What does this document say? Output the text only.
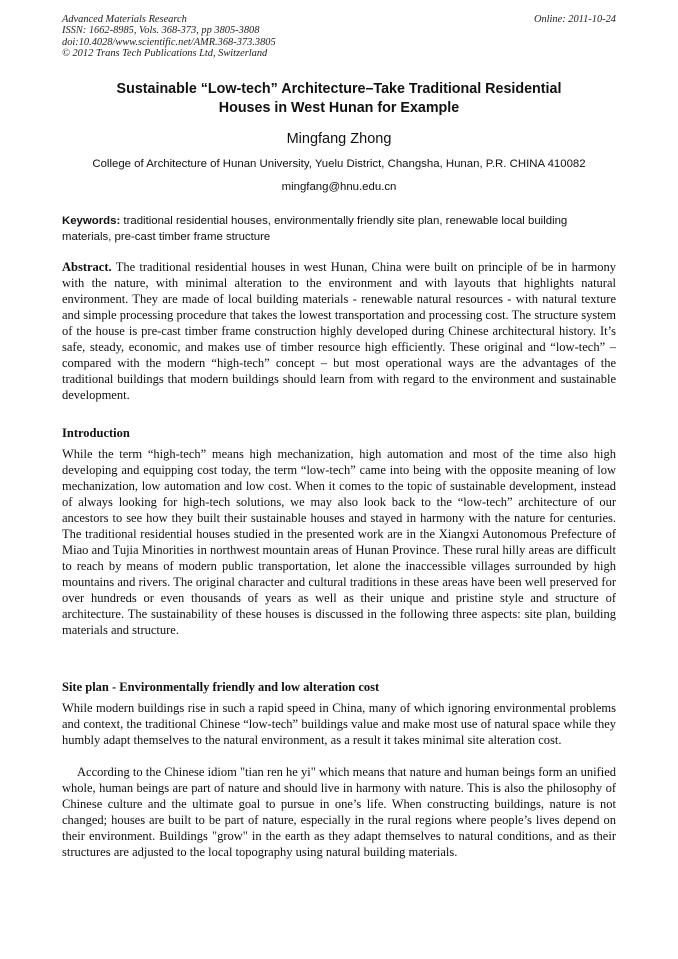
Advanced Materials Research
ISSN: 1662-8985, Vols. 368-373, pp 3805-3808
doi:10.4028/www.scientific.net/AMR.368-373.3805
© 2012 Trans Tech Publications Ltd, Switzerland
Online: 2011-10-24
Sustainable “Low-tech” Architecture–Take Traditional Residential
Houses in West Hunan for Example
Mingfang Zhong
College of Architecture of Hunan University, Yuelu District, Changsha, Hunan, P.R. CHINA 410082
mingfang@hnu.edu.cn
Keywords: traditional residential houses, environmentally friendly site plan, renewable local building materials, pre-cast timber frame structure
Abstract. The traditional residential houses in west Hunan, China were built on principle of be in harmony with the nature, with minimal alteration to the environment and with layouts that highlights natural environment. They are made of local building materials - renewable natural resources - with natural texture and simple processing procedure that takes the lowest transportation and processing cost. The structure system of the house is pre-cast timber frame construction highly developed during Chinese architectural history. It’s safe, steady, economic, and makes use of timber resource high efficiently. These original and “low-tech” – compared with the modern “high-tech” concept – but most operational ways are the advantages of the traditional buildings that modern buildings should learn from with regard to the environment and sustainable development.
Introduction
While the term “high-tech” means high mechanization, high automation and most of the time also high developing and equipping cost today, the term “low-tech” came into being with the opposite meaning of low mechanization, low automation and low cost. When it comes to the topic of sustainable development, instead of always looking for high-tech solutions, we may also look back to the “low-tech” architecture of our ancestors to see how they built their sustainable houses and stayed in harmony with the nature for centuries. The traditional residential houses studied in the presented work are in the Xiangxi Autonomous Prefecture of Miao and Tujia Minorities in northwest mountain areas of Hunan Province. These rural hilly areas are difficult to reach by means of modern public transportation, let alone the inaccessible villages surrounded by high mountains and rivers. The original character and cultural traditions in these areas have been well preserved for over hundreds or even thousands of years as well as their unique and pristine style and structure of architecture. The sustainability of these houses is discussed in the following three aspects: site plan, building materials and structure.
Site plan - Environmentally friendly and low alteration cost
While modern buildings rise in such a rapid speed in China, many of which ignoring environmental problems and context, the traditional Chinese “low-tech” buildings value and make most use of natural space while they humbly adapt themselves to the natural environment, as a result it takes minimal site alteration cost.
According to the Chinese idiom "tian ren he yi" which means that nature and human beings form an unified whole, human beings are part of nature and should live in harmony with nature. This is also the philosophy of Chinese culture and the ultimate goal to pursue in one’s life. When constructing buildings, nature is not changed; houses are built to be part of nature, especially in the rural regions where people’s lives depend on their environment. Buildings "grow" in the earth as they adapt themselves to natural conditions, and as their structures are adjusted to the local topography using natural building materials.
